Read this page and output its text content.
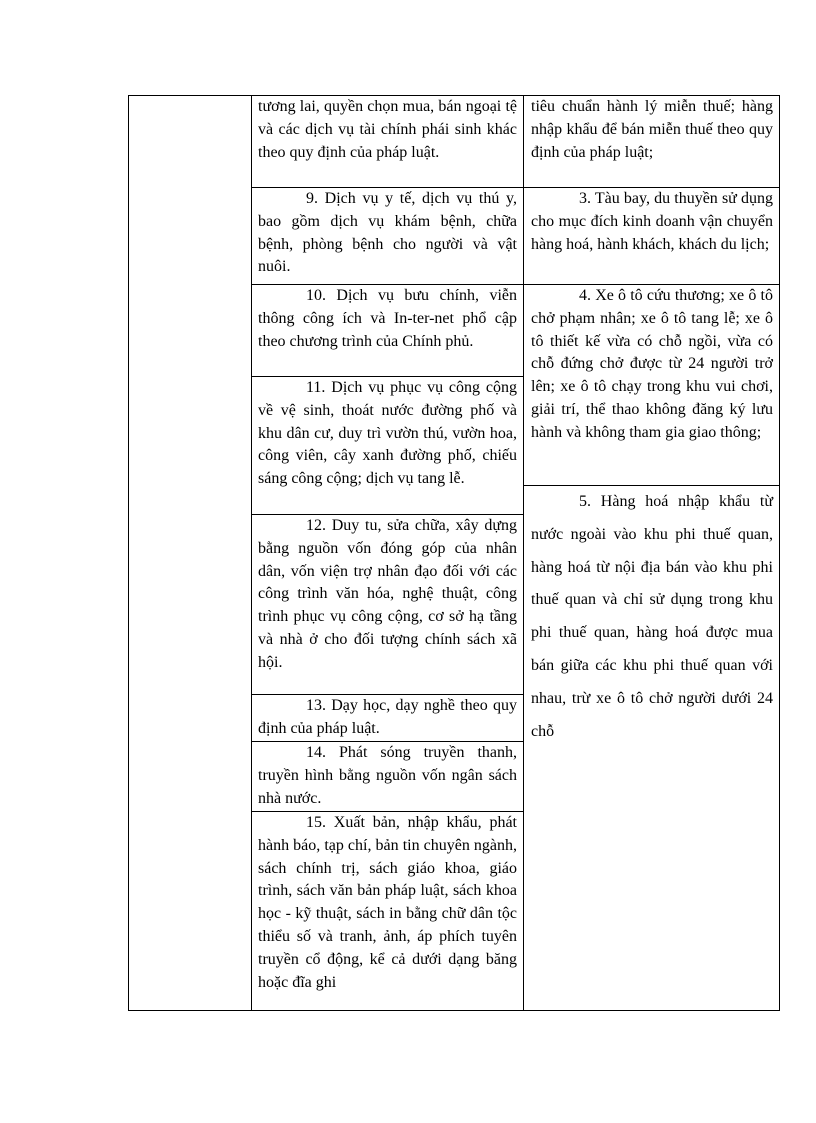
tương lai, quyền chọn mua, bán ngoại tệ và các dịch vụ tài chính phái sinh khác theo quy định của pháp luật.

9. Dịch vụ y tế, dịch vụ thú y, bao gồm dịch vụ khám bệnh, chữa bệnh, phòng bệnh cho người và vật nuôi.

10. Dịch vụ bưu chính, viễn thông công ích và In-ter-net phổ cập theo chương trình của Chính phủ.

11. Dịch vụ phục vụ công cộng về vệ sinh, thoát nước đường phố và khu dân cư, duy trì vườn thú, vườn hoa, công viên, cây xanh đường phố, chiếu sáng công cộng; dịch vụ tang lễ.

12. Duy tu, sửa chữa, xây dựng bằng nguồn vốn đóng góp của nhân dân, vốn viện trợ nhân đạo đối với các công trình văn hóa, nghệ thuật, công trình phục vụ công cộng, cơ sở hạ tầng và nhà ở cho đối tượng chính sách xã hội.

13. Dạy học, dạy nghề theo quy định của pháp luật.

14. Phát sóng truyền thanh, truyền hình bằng nguồn vốn ngân sách nhà nước.

15. Xuất bản, nhập khẩu, phát hành báo, tạp chí, bản tin chuyên ngành, sách chính trị, sách giáo khoa, giáo trình, sách văn bản pháp luật, sách khoa học - kỹ thuật, sách in bằng chữ dân tộc thiểu số và tranh, ảnh, áp phích tuyên truyền cổ động, kể cả dưới dạng băng hoặc đĩa ghi

tiêu chuẩn hành lý miễn thuế; hàng nhập khẩu để bán miễn thuế theo quy định của pháp luật;

3. Tàu bay, du thuyền sử dụng cho mục đích kinh doanh vận chuyển hàng hoá, hành khách, khách du lịch;

4. Xe ô tô cứu thương; xe ô tô chở phạm nhân; xe ô tô tang lễ; xe ô tô thiết kế vừa có chỗ ngồi, vừa có chỗ đứng chở được từ 24 người trở lên; xe ô tô chạy trong khu vui chơi, giải trí, thể thao không đăng ký lưu hành và không tham gia giao thông;

5. Hàng hoá nhập khẩu từ nước ngoài vào khu phi thuế quan, hàng hoá từ nội địa bán vào khu phi thuế quan và chỉ sử dụng trong khu phi thuế quan, hàng hoá được mua bán giữa các khu phi thuế quan với nhau, trừ xe ô tô chở người dưới 24 chỗ
